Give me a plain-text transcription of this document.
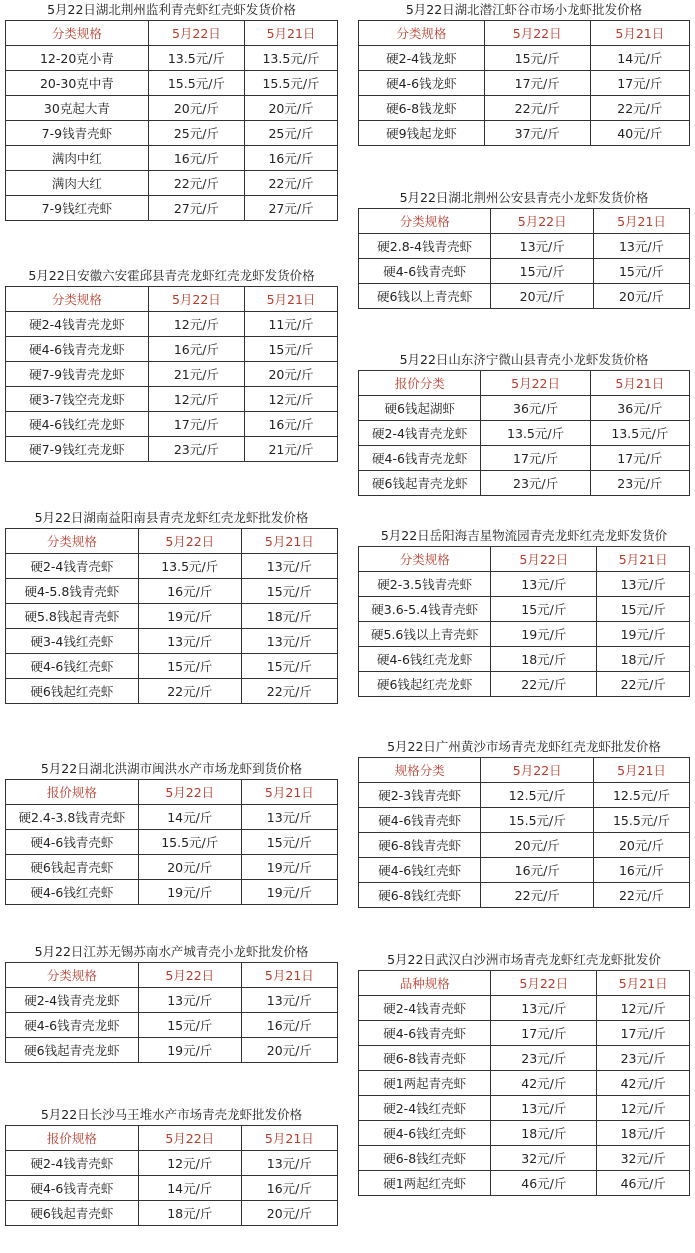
5月22日湖北荆州监利青壳虾红壳虾发货价格
分类规格	5月22日	5月21日
12-20克小青	13.5元/斤	13.5元/斤
20-30克中青	15.5元/斤	15.5元/斤
30克起大青	20元/斤	20元/斤
7-9钱青壳虾	25元/斤	25元/斤
满肉中红	16元/斤	16元/斤
满肉大红	22元/斤	22元/斤
7-9钱红壳虾	27元/斤	27元/斤
5月22日安徽六安霍邱县青壳龙虾红壳龙虾发货价格
分类规格	5月22日	5月21日
硬2-4钱青壳龙虾	12元/斤	11元/斤
硬4-6钱青壳龙虾	16元/斤	15元/斤
硬7-9钱青壳龙虾	21元/斤	20元/斤
硬3-7钱空壳龙虾	12元/斤	12元/斤
硬4-6钱红壳龙虾	17元/斤	16元/斤
硬7-9钱红壳龙虾	23元/斤	21元/斤
5月22日湖南益阳南县青壳龙虾红壳龙虾批发价格
分类规格	5月22日	5月21日
硬2-4钱青壳虾	13.5元/斤	13元/斤
硬4-5.8钱青壳虾	16元/斤	15元/斤
硬5.8钱起青壳虾	19元/斤	18元/斤
硬3-4钱红壳虾	13元/斤	13元/斤
硬4-6钱红壳虾	15元/斤	15元/斤
硬6钱起红壳虾	22元/斤	22元/斤
5月22日湖北洪湖市闽洪水产市场龙虾到货价格
报价规格	5月22日	5月21日
硬2.4-3.8钱青壳虾	14元/斤	13元/斤
硬4-6钱青壳虾	15.5元/斤	15元/斤
硬6钱起青壳虾	20元/斤	19元/斤
硬4-6钱红壳虾	19元/斤	19元/斤
5月22日江苏无锡苏南水产城青壳小龙虾批发价格
分类规格	5月22日	5月21日
硬2-4钱青壳龙虾	13元/斤	13元/斤
硬4-6钱青壳龙虾	15元/斤	16元/斤
硬6钱起青壳龙虾	19元/斤	20元/斤
5月22日长沙马王堆水产市场青壳龙虾批发价格
报价规格	5月22日	5月21日
硬2-4钱青壳虾	12元/斤	13元/斤
硬4-6钱青壳虾	14元/斤	16元/斤
硬6钱起青壳虾	18元/斤	20元/斤
5月22日湖北潜江虾谷市场小龙虾批发价格
分类规格	5月22日	5月21日
硬2-4钱龙虾	15元/斤	14元/斤
硬4-6钱龙虾	17元/斤	17元/斤
硬6-8钱龙虾	22元/斤	22元/斤
硬9钱起龙虾	37元/斤	40元/斤
5月22日湖北荆州公安县青壳小龙虾发货价格
分类规格	5月22日	5月21日
硬2.8-4钱青壳虾	13元/斤	13元/斤
硬4-6钱青壳虾	15元/斤	15元/斤
硬6钱以上青壳虾	20元/斤	20元/斤
5月22日山东济宁微山县青壳小龙虾发货价格
报价分类	5月22日	5月21日
硬6钱起湖虾	36元/斤	36元/斤
硬2-4钱青壳龙虾	13.5元/斤	13.5元/斤
硬4-6钱青壳龙虾	17元/斤	17元/斤
硬6钱起青壳龙虾	23元/斤	23元/斤
5月22日岳阳海吉星物流园青壳龙虾红壳龙虾发货价
分类规格	5月22日	5月21日
硬2-3.5钱青壳虾	13元/斤	13元/斤
硬3.6-5.4钱青壳虾	15元/斤	15元/斤
硬5.6钱以上青壳虾	19元/斤	19元/斤
硬4-6钱红壳龙虾	18元/斤	18元/斤
硬6钱起红壳龙虾	22元/斤	22元/斤
5月22日广州黄沙市场青壳龙虾红壳龙虾批发价格
规格分类	5月22日	5月21日
硬2-3钱青壳虾	12.5元/斤	12.5元/斤
硬4-6钱青壳虾	15.5元/斤	15.5元/斤
硬6-8钱青壳虾	20元/斤	20元/斤
硬4-6钱红壳虾	16元/斤	16元/斤
硬6-8钱红壳虾	22元/斤	22元/斤
5月22日武汉白沙洲市场青壳龙虾红壳龙虾批发价
品种规格	5月22日	5月21日
硬2-4钱青壳虾	13元/斤	12元/斤
硬4-6钱青壳虾	17元/斤	17元/斤
硬6-8钱青壳虾	23元/斤	23元/斤
硬1两起青壳虾	42元/斤	42元/斤
硬2-4钱红壳虾	13元/斤	12元/斤
硬4-6钱红壳虾	18元/斤	18元/斤
硬6-8钱红壳虾	32元/斤	32元/斤
硬1两起红壳虾	46元/斤	46元/斤
